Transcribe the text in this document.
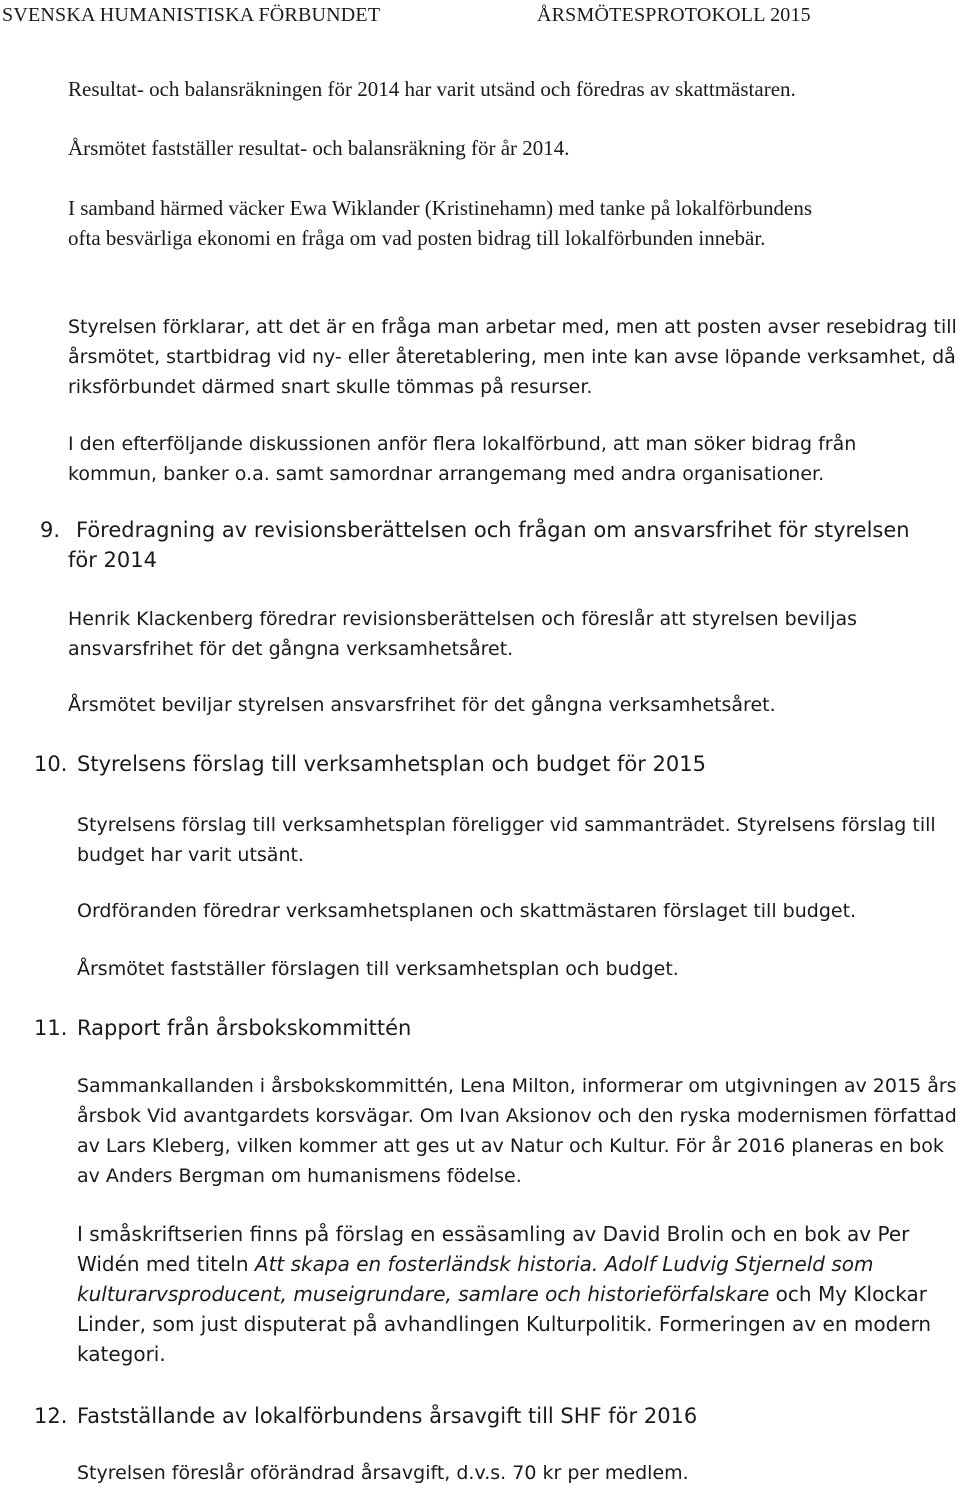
SVENSKA HUMANISTISKA FÖRBUNDET	ÅRSMÖTESPROTOKOLL 2015

Resultat- och balansräkningen för 2014 har varit utsänd och föredras av skattmästaren.

Årsmötet fastställer resultat- och balansräkning för år 2014.

I samband härmed väcker Ewa Wiklander (Kristinehamn) med tanke på lokalförbundens ofta besvärliga ekonomi en fråga om vad posten bidrag till lokalförbunden innebär.

Styrelsen förklarar, att det är en fråga man arbetar med, men att posten avser resebidrag till årsmötet, startbidrag vid ny- eller återetablering, men inte kan avse löpande verksamhet, då riksförbundet därmed snart skulle tömmas på resurser.

I den efterföljande diskussionen anför flera lokalförbund, att man söker bidrag från kommun, banker o.a. samt samordnar arrangemang med andra organisationer.

9. Föredragning av revisionsberättelsen och frågan om ansvarsfrihet för styrelsen för 2014

Henrik Klackenberg föredrar revisionsberättelsen och föreslår att styrelsen beviljas ansvarsfrihet för det gångna verksamhetsåret.

Årsmötet beviljar styrelsen ansvarsfrihet för det gångna verksamhetsåret.

10. Styrelsens förslag till verksamhetsplan och budget för 2015

Styrelsens förslag till verksamhetsplan föreligger vid sammanträdet. Styrelsens förslag till budget har varit utsänt.

Ordföranden föredrar verksamhetsplanen och skattmästaren förslaget till budget.

Årsmötet fastställer förslagen till verksamhetsplan och budget.

11. Rapport från årsbokskommittén

Sammankallanden i årsbokskommittén, Lena Milton, informerar om utgivningen av 2015 års årsbok Vid avantgardets korsvägar. Om Ivan Aksionov och den ryska modernismen författad av Lars Kleberg, vilken kommer att ges ut av Natur och Kultur. För år 2016 planeras en bok av Anders Bergman om humanismens födelse.

I småskriftserien finns på förslag en essäsamling av David Brolin och en bok av Per Widén med titeln Att skapa en fosterländsk historia. Adolf Ludvig Stjerneld som kulturarvsproducent, museigrundare, samlare och historieförfalskare och My Klockar Linder, som just disputerat på avhandlingen Kulturpolitik. Formeringen av en modern kategori.

12. Fastställande av lokalförbundens årsavgift till SHF för 2016

Styrelsen föreslår oförändrad årsavgift, d.v.s. 70 kr per medlem.
